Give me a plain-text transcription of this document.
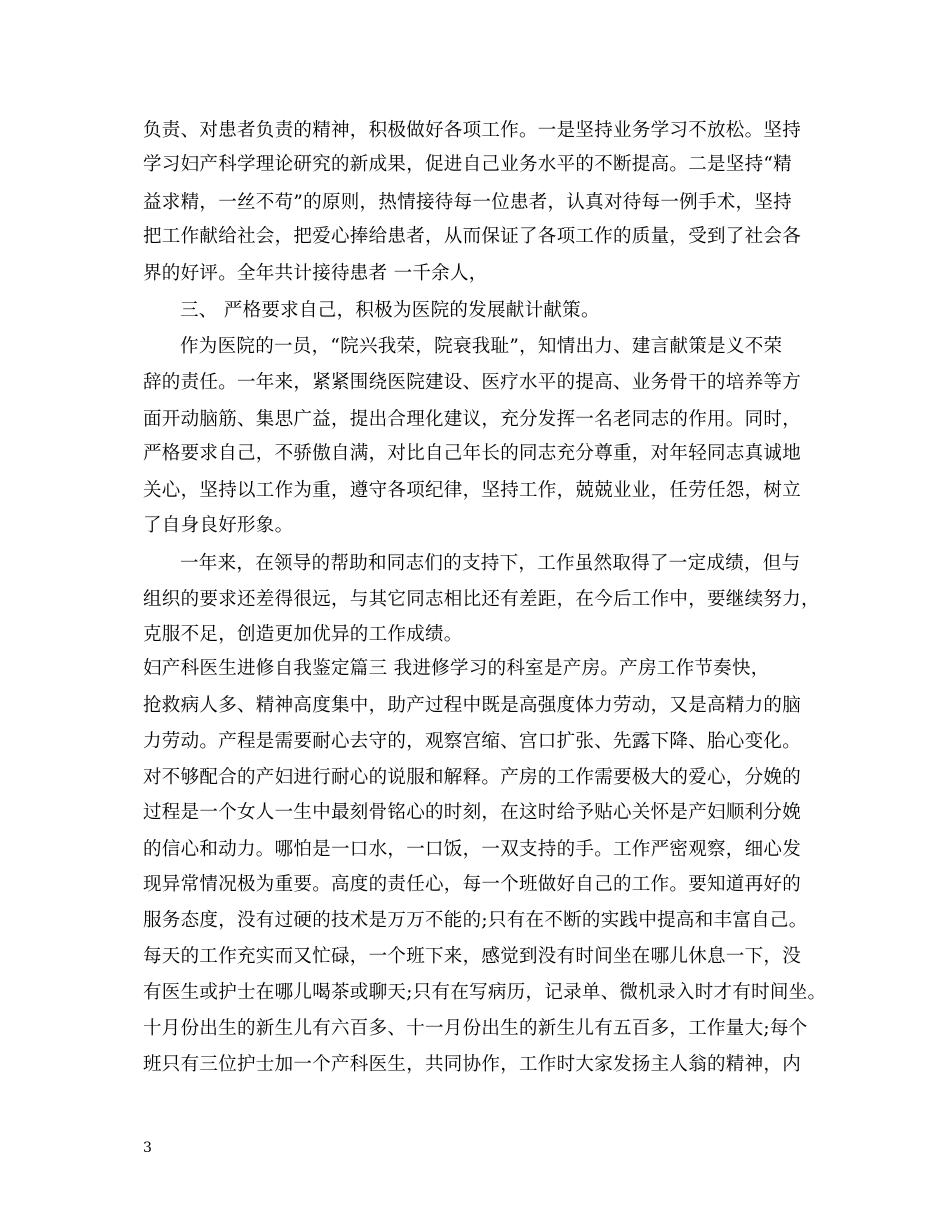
负责、对患者负责的精神，积极做好各项工作。一是坚持业务学习不放松。坚持
学习妇产科学理论研究的新成果，促进自己业务水平的不断提高。二是坚持“精
益求精，一丝不苟”的原则，热情接待每一位患者，认真对待每一例手术，坚持
把工作献给社会，把爱心捧给患者，从而保证了各项工作的质量，受到了社会各
界的好评。全年共计接待患者 一千余人，
三、 严格要求自己，积极为医院的发展献计献策。
作为医院的一员，“院兴我荣，院衰我耻”，知情出力、建言献策是义不荣
辞的责任。一年来，紧紧围绕医院建设、医疗水平的提高、业务骨干的培养等方
面开动脑筋、集思广益，提出合理化建议，充分发挥一名老同志的作用。同时，
严格要求自己，不骄傲自满，对比自己年长的同志充分尊重，对年轻同志真诚地
关心，坚持以工作为重，遵守各项纪律，坚持工作，兢兢业业，任劳任怨，树立
了自身良好形象。
一年来，在领导的帮助和同志们的支持下，工作虽然取得了一定成绩，但与
组织的要求还差得很远，与其它同志相比还有差距，在今后工作中，要继续努力，
克服不足，创造更加优异的工作成绩。
妇产科医生进修自我鉴定篇三 我进修学习的科室是产房。产房工作节奏快，
抢救病人多、精神高度集中，助产过程中既是高强度体力劳动，又是高精力的脑
力劳动。产程是需要耐心去守的，观察宫缩、宫口扩张、先露下降、胎心变化。
对不够配合的产妇进行耐心的说服和解释。产房的工作需要极大的爱心，分娩的
过程是一个女人一生中最刻骨铭心的时刻，在这时给予贴心关怀是产妇顺利分娩
的信心和动力。哪怕是一口水，一口饭，一双支持的手。工作严密观察，细心发
现异常情况极为重要。高度的责任心，每一个班做好自己的工作。要知道再好的
服务态度，没有过硬的技术是万万不能的;只有在不断的实践中提高和丰富自己。
每天的工作充实而又忙碌，一个班下来，感觉到没有时间坐在哪儿休息一下，没
有医生或护士在哪儿喝茶或聊天;只有在写病历，记录单、微机录入时才有时间坐。
十月份出生的新生儿有六百多、十一月份出生的新生儿有五百多，工作量大;每个
班只有三位护士加一个产科医生，共同协作，工作时大家发扬主人翁的精神，内
3
